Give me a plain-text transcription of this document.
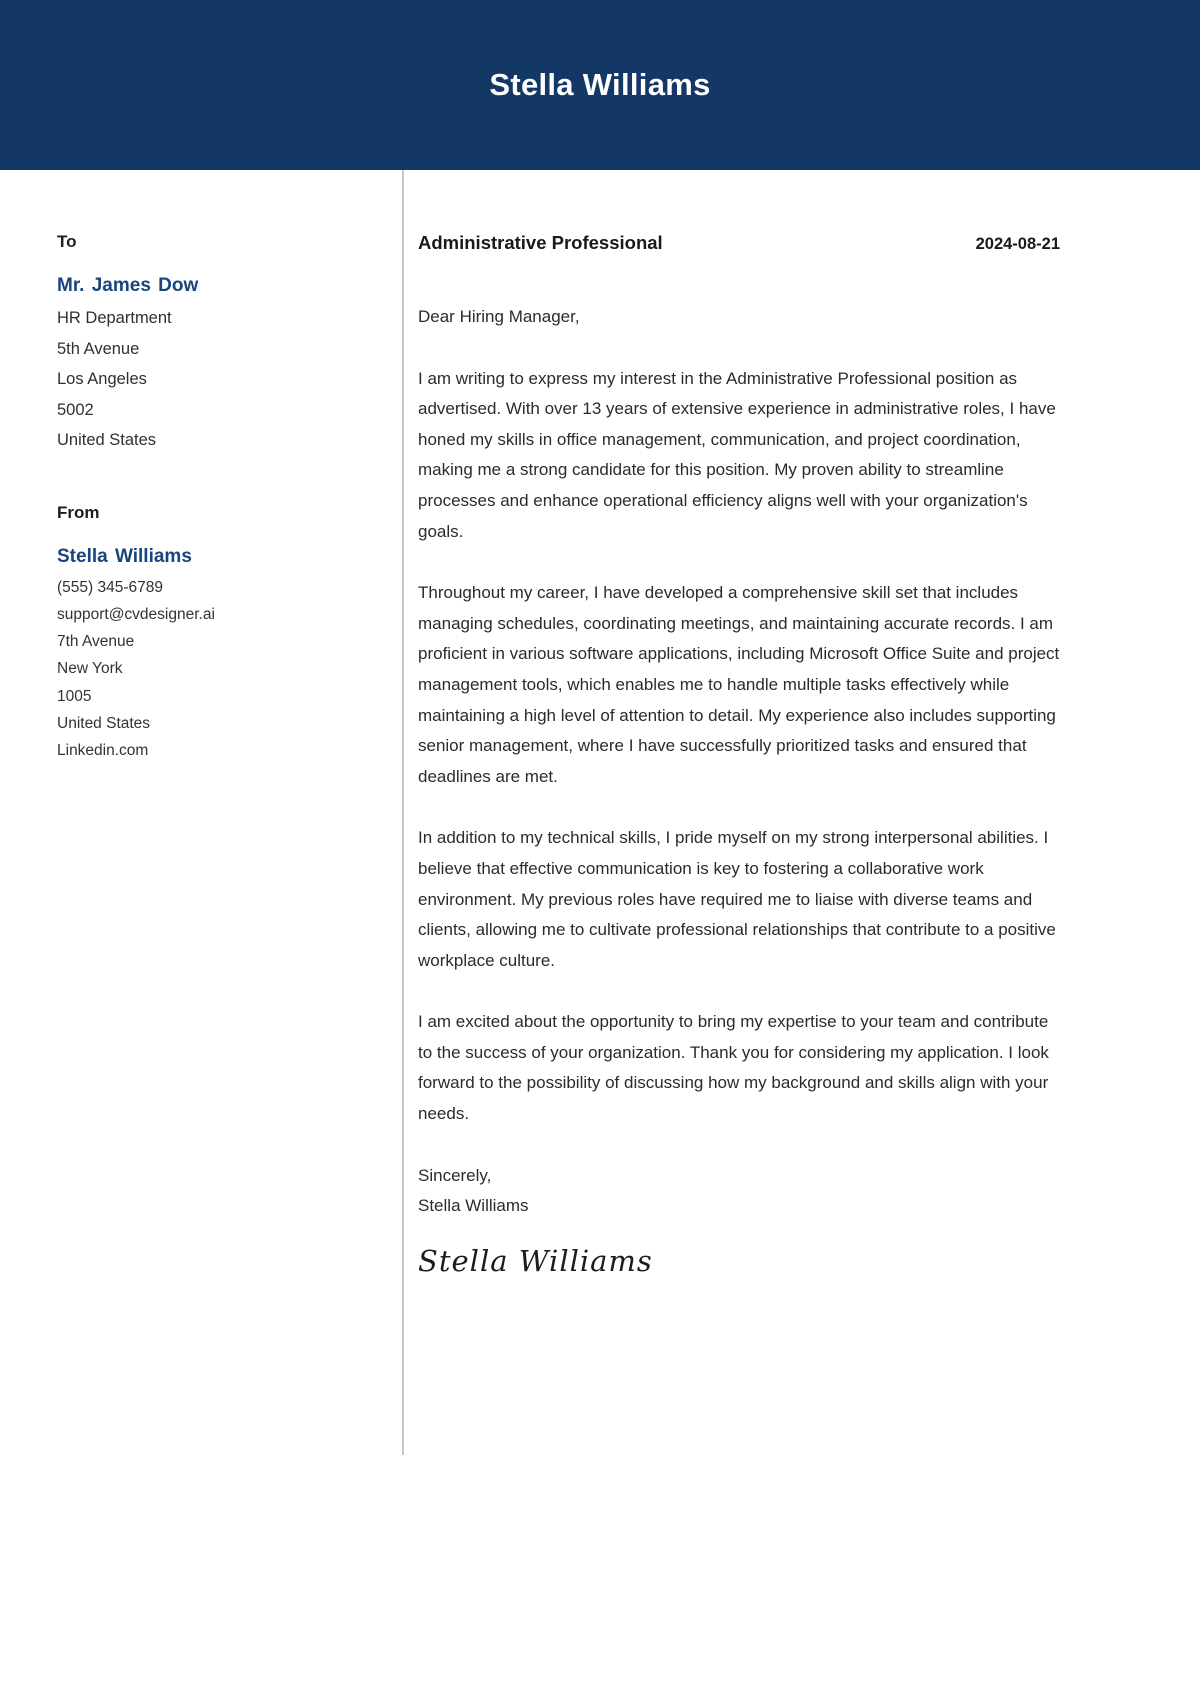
Stella Williams
To
Mr. James Dow
HR Department
5th Avenue
Los Angeles
5002
United States
From
Stella Williams
(555) 345-6789
support@cvdesigner.ai
7th Avenue
New York
1005
United States
Linkedin.com
Administrative Professional	2024-08-21

Dear Hiring Manager,

I am writing to express my interest in the Administrative Professional position as advertised. With over 13 years of extensive experience in administrative roles, I have honed my skills in office management, communication, and project coordination, making me a strong candidate for this position. My proven ability to streamline processes and enhance operational efficiency aligns well with your organization's goals.

Throughout my career, I have developed a comprehensive skill set that includes managing schedules, coordinating meetings, and maintaining accurate records. I am proficient in various software applications, including Microsoft Office Suite and project management tools, which enables me to handle multiple tasks effectively while maintaining a high level of attention to detail. My experience also includes supporting senior management, where I have successfully prioritized tasks and ensured that deadlines are met.

In addition to my technical skills, I pride myself on my strong interpersonal abilities. I believe that effective communication is key to fostering a collaborative work environment. My previous roles have required me to liaise with diverse teams and clients, allowing me to cultivate professional relationships that contribute to a positive workplace culture.

I am excited about the opportunity to bring my expertise to your team and contribute to the success of your organization. Thank you for considering my application. I look forward to the possibility of discussing how my background and skills align with your needs.

Sincerely,
Stella Williams
Stella Williams
